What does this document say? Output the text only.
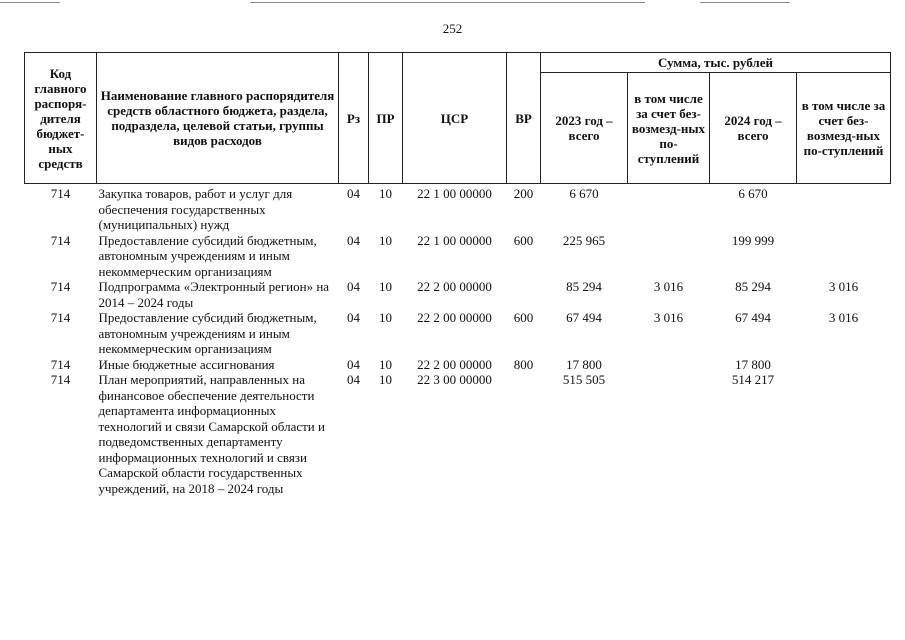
252
Код главного распоря-дителя бюджет-ных средств	Наименование главного распорядителя средств областного бюджета, раздела, подраздела, целевой статьи, группы видов расходов	Рз	ПР	ЦСР	ВР	Сумма, тыс. рублей			
						2023 год – всего	в том числе за счет без-возмезд-ных по-ступлений	2024 год – всего	в том числе за счет без-возмезд-ных по-ступлений
714	Закупка товаров, работ и услуг для обеспечения государственных (муниципальных) нужд	04	10	22 1 00 00000	200	6 670		6 670	
714	Предоставление субсидий бюджетным, автономным учреждениям и иным некоммерческим организациям	04	10	22 1 00 00000	600	225 965		199 999	
714	Подпрограмма «Электронный регион» на 2014 – 2024 годы	04	10	22 2 00 00000		85 294	3 016	85 294	3 016
714	Предоставление субсидий бюджетным, автономным учреждениям и иным некоммерческим организациям	04	10	22 2 00 00000	600	67 494	3 016	67 494	3 016
714	Иные бюджетные ассигнования	04	10	22 2 00 00000	800	17 800		17 800	
714	План мероприятий, направленных на финансовое обеспечение деятельности департамента информационных технологий и связи Самарской области и подведомственных департаменту информационных технологий и связи Самарской области государственных учреждений, на 2018 – 2024 годы	04	10	22 3 00 00000		515 505		514 217	
